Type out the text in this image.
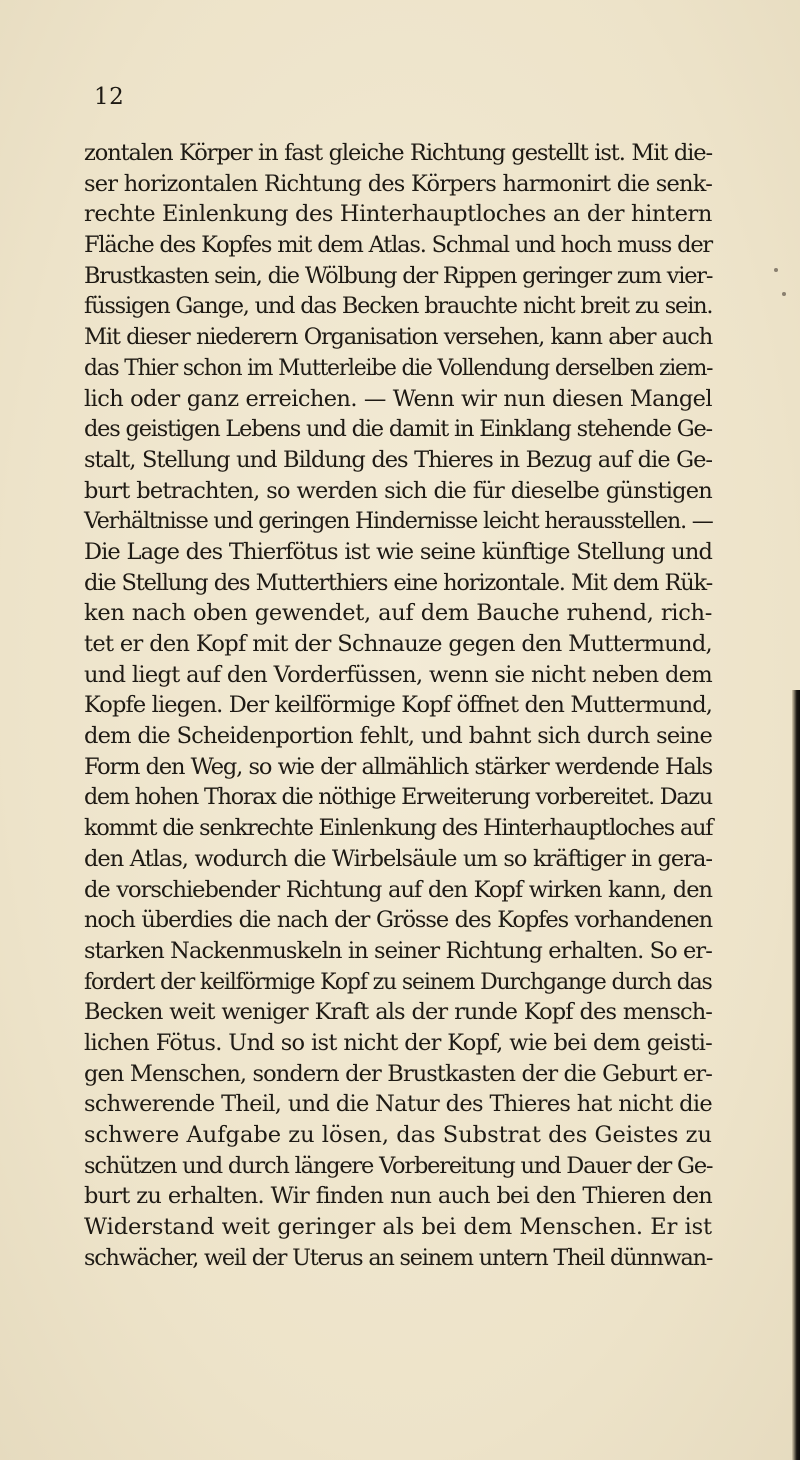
12
zontalen Körper in fast gleiche Richtung gestellt ist. Mit die-
ser horizontalen Richtung des Körpers harmonirt die senk-
rechte Einlenkung des Hinterhauptloches an der hintern
Fläche des Kopfes mit dem Atlas. Schmal und hoch muss der
Brustkasten sein, die Wölbung der Rippen geringer zum vier-
füssigen Gange, und das Becken brauchte nicht breit zu sein.
Mit dieser niederern Organisation versehen, kann aber auch
das Thier schon im Mutterleibe die Vollendung derselben ziem-
lich oder ganz erreichen. — Wenn wir nun diesen Mangel
des geistigen Lebens und die damit in Einklang stehende Ge-
stalt, Stellung und Bildung des Thieres in Bezug auf die Ge-
burt betrachten, so werden sich die für dieselbe günstigen
Verhältnisse und geringen Hindernisse leicht herausstellen. —
Die Lage des Thierfötus ist wie seine künftige Stellung und
die Stellung des Mutterthiers eine horizontale. Mit dem Rük-
ken nach oben gewendet, auf dem Bauche ruhend, rich-
tet er den Kopf mit der Schnauze gegen den Muttermund,
und liegt auf den Vorderfüssen, wenn sie nicht neben dem
Kopfe liegen. Der keilförmige Kopf öffnet den Muttermund,
dem die Scheidenportion fehlt, und bahnt sich durch seine
Form den Weg, so wie der allmählich stärker werdende Hals
dem hohen Thorax die nöthige Erweiterung vorbereitet. Dazu
kommt die senkrechte Einlenkung des Hinterhauptloches auf
den Atlas, wodurch die Wirbelsäule um so kräftiger in gera-
de vorschiebender Richtung auf den Kopf wirken kann, den
noch überdies die nach der Grösse des Kopfes vorhandenen
starken Nackenmuskeln in seiner Richtung erhalten. So er-
fordert der keilförmige Kopf zu seinem Durchgange durch das
Becken weit weniger Kraft als der runde Kopf des mensch-
lichen Fötus. Und so ist nicht der Kopf, wie bei dem geisti-
gen Menschen, sondern der Brustkasten der die Geburt er-
schwerende Theil, und die Natur des Thieres hat nicht die
schwere Aufgabe zu lösen, das Substrat des Geistes zu
schützen und durch längere Vorbereitung und Dauer der Ge-
burt zu erhalten. Wir finden nun auch bei den Thieren den
Widerstand weit geringer als bei dem Menschen. Er ist
schwächer, weil der Uterus an seinem untern Theil dünnwan-
